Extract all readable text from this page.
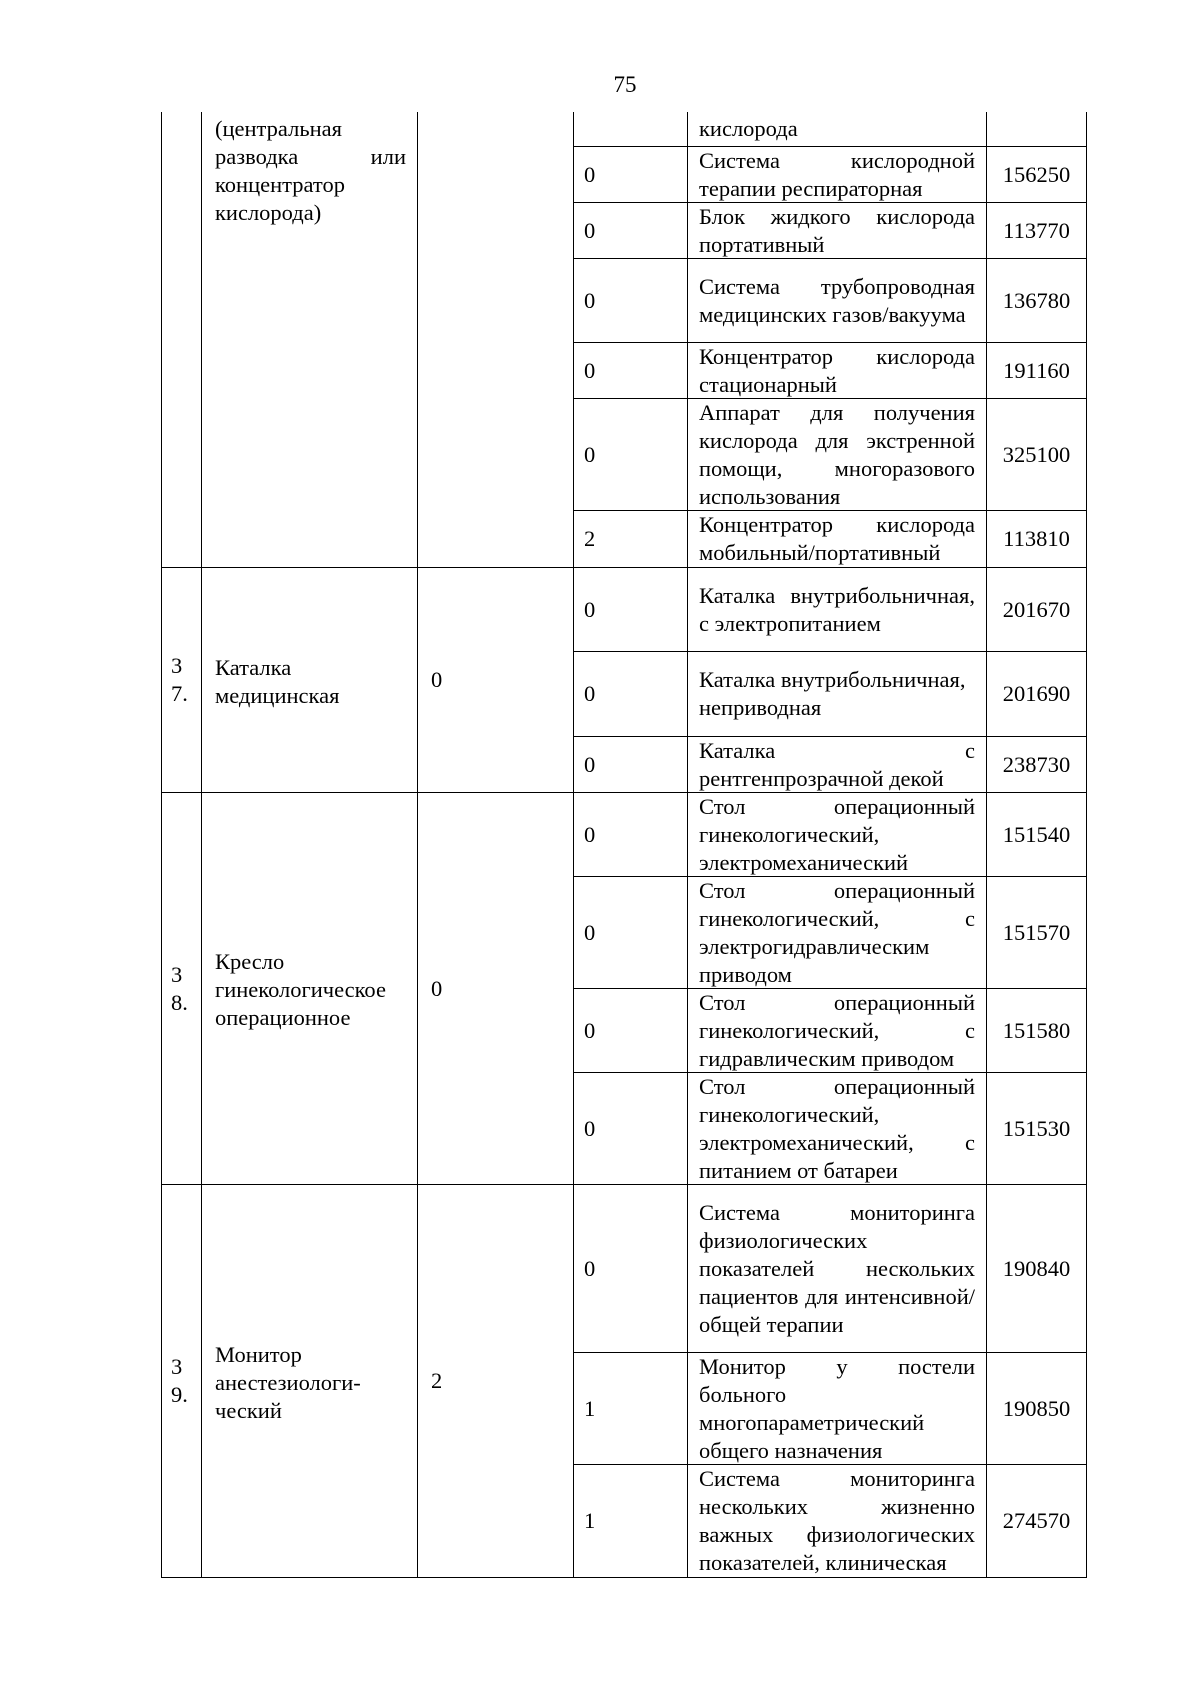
75
(центральная разводка или концентратор кислорода)
кислорода
0
Система кислородной терапии респираторная
156250
0
Блок жидкого кислорода портативный
113770
0
Система трубопроводная медицинских газов/вакуума
136780
0
Концентратор кислорода стационарный
191160
0
Аппарат для получения кислорода для экстренной помощи, многоразового использования
325100
2
Концентратор кислорода мобильный/портативный
113810
3 7.
Каталка медицинская
0
0
Каталка внутрибольничная, с электропитанием
201670
0
Каталка внутрибольничная, неприводная
201690
0
Каталка с рентгенпрозрачной декой
238730
3 8.
Кресло гинекологическое операционное
0
0
Стол операционный гинекологический, электромеханический
151540
0
Стол операционный гинекологический, с электрогидравлическим приводом
151570
0
Стол операционный гинекологический, с гидравлическим приводом
151580
0
Стол операционный гинекологический, электромеханический, с питанием от батареи
151530
3 9.
Монитор анестезиологи- ческий
2
0
Система мониторинга физиологических показателей нескольких пациентов для интенсивной/общей терапии
190840
1
Монитор у постели больного многопараметрический общего назначения
190850
1
Система мониторинга нескольких жизненно важных физиологических показателей, клиническая
274570
